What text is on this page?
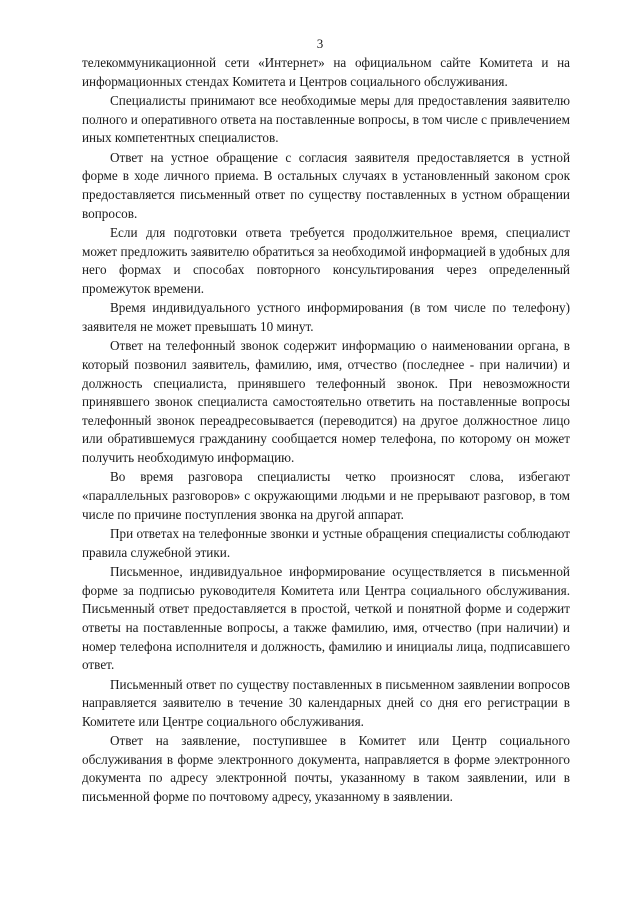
3

телекоммуникационной сети «Интернет» на официальном сайте Комитета и на информационных стендах Комитета и Центров социального обслуживания.

Специалисты принимают все необходимые меры для предоставления заявителю полного и оперативного ответа на поставленные вопросы, в том числе с привлечением иных компетентных специалистов.

Ответ на устное обращение с согласия заявителя предоставляется в устной форме в ходе личного приема. В остальных случаях в установленный законом срок предоставляется письменный ответ по существу поставленных в устном обращении вопросов.

Если для подготовки ответа требуется продолжительное время, специалист может предложить заявителю обратиться за необходимой информацией в удобных для него формах и способах повторного консультирования через определенный промежуток времени.

Время индивидуального устного информирования (в том числе по телефону) заявителя не может превышать 10 минут.

Ответ на телефонный звонок содержит информацию о наименовании органа, в который позвонил заявитель, фамилию, имя, отчество (последнее - при наличии) и должность специалиста, принявшего телефонный звонок. При невозможности принявшего звонок специалиста самостоятельно ответить на поставленные вопросы телефонный звонок переадресовывается (переводится) на другое должностное лицо или обратившемуся гражданину сообщается номер телефона, по которому он может получить необходимую информацию.

Во время разговора специалисты четко произносят слова, избегают «параллельных разговоров» с окружающими людьми и не прерывают разговор, в том числе по причине поступления звонка на другой аппарат.

При ответах на телефонные звонки и устные обращения специалисты соблюдают правила служебной этики.

Письменное, индивидуальное информирование осуществляется в письменной форме за подписью руководителя Комитета или Центра социального обслуживания. Письменный ответ предоставляется в простой, четкой и понятной форме и содержит ответы на поставленные вопросы, а также фамилию, имя, отчество (при наличии) и номер телефона исполнителя и должность, фамилию и инициалы лица, подписавшего ответ.

Письменный ответ по существу поставленных в письменном заявлении вопросов направляется заявителю в течение 30 календарных дней со дня его регистрации в Комитете или Центре социального обслуживания.

Ответ на заявление, поступившее в Комитет или Центр социального обслуживания в форме электронного документа, направляется в форме электронного документа по адресу электронной почты, указанному в таком заявлении, или в письменной форме по почтовому адресу, указанному в заявлении.
